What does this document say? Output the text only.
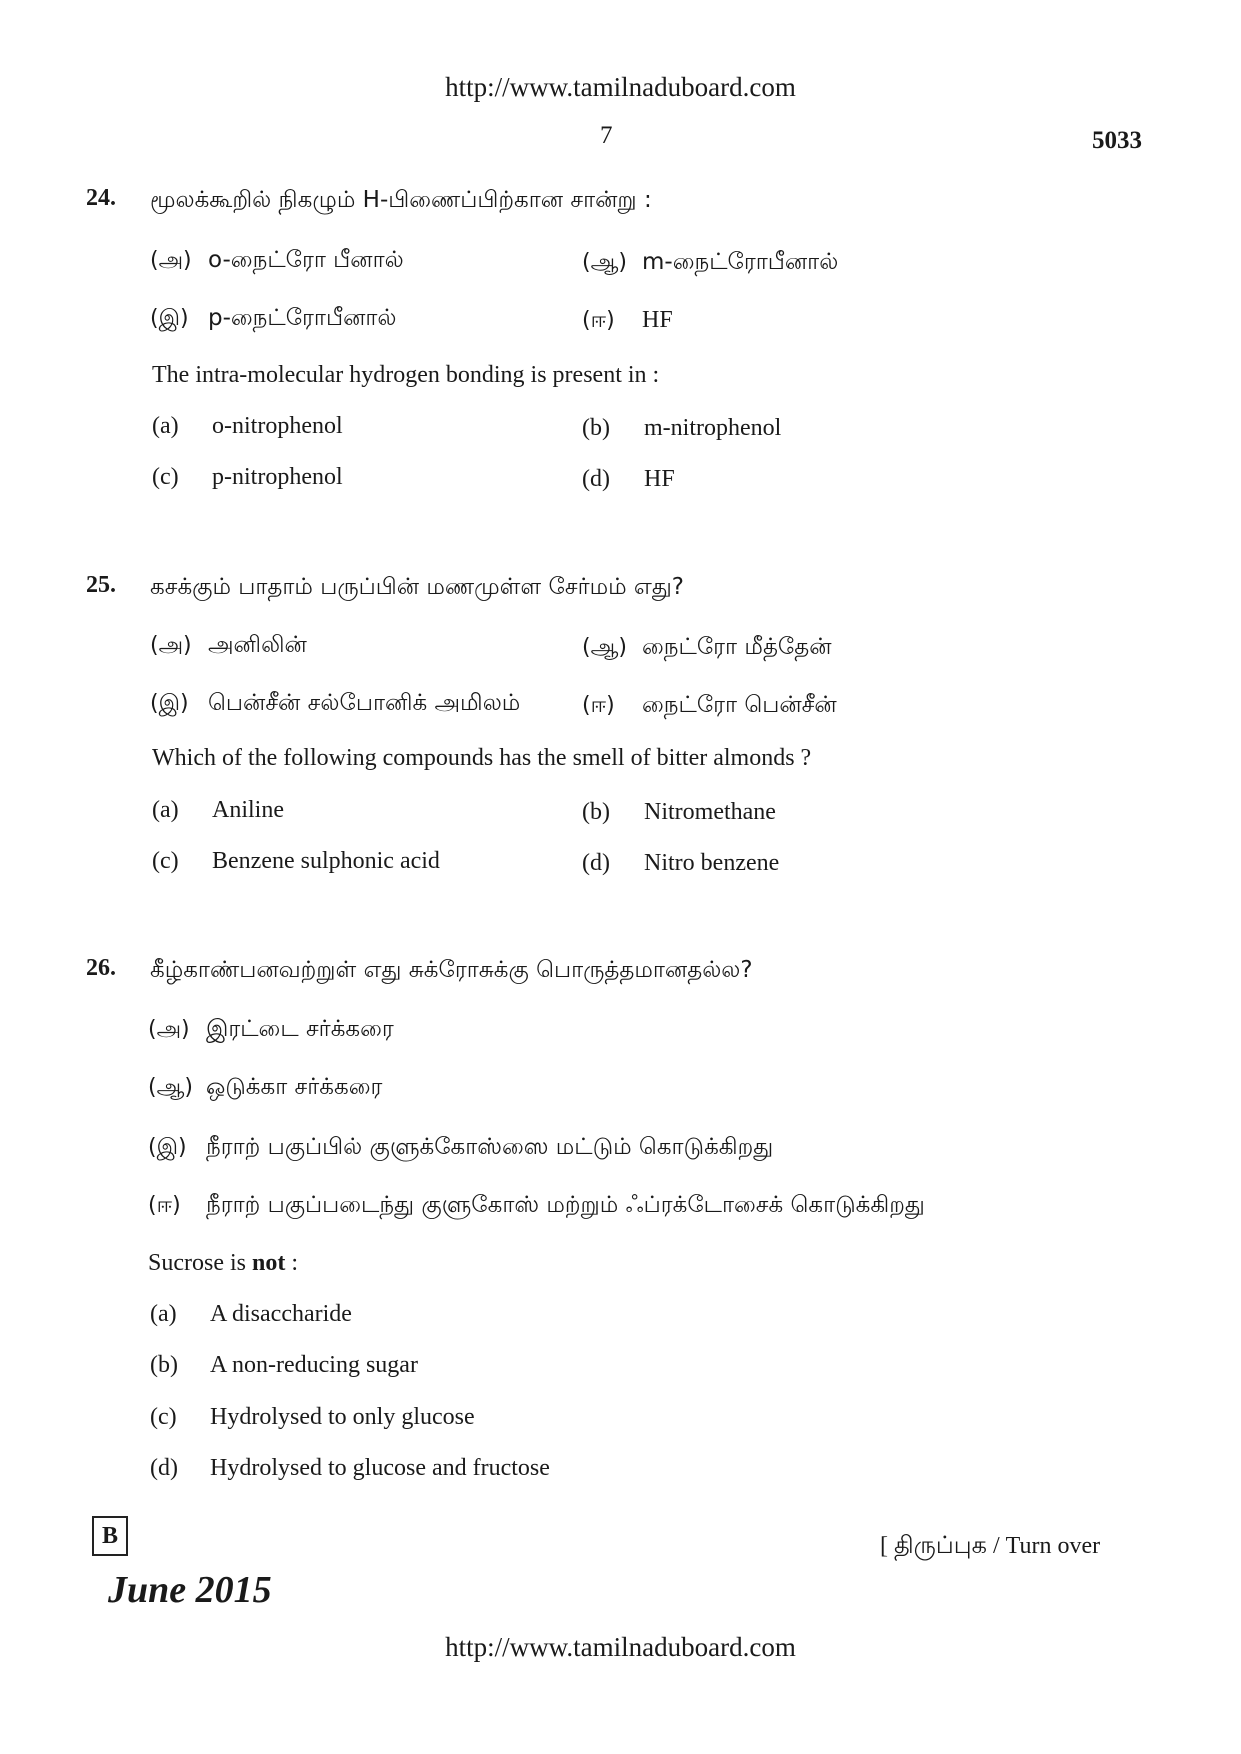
http://www.tamilnaduboard.com
7	5033
24. மூலக்கூறில் நிகழும் H-பிணைப்பிற்கான சான்று :
(அ) o-நைட்ரோ பீனால்	(ஆ) m-நைட்ரோபீனால்
(இ) p-நைட்ரோபீனால்	(ஈ) HF
The intra-molecular hydrogen bonding is present in :
(a) o-nitrophenol	(b) m-nitrophenol
(c) p-nitrophenol	(d) HF
25. கசக்கும் பாதாம் பருப்பின் மணமுள்ள சேர்மம் எது?
(அ) அனிலின்	(ஆ) நைட்ரோ மீத்தேன்
(இ) பென்சீன் சல்போனிக் அமிலம்	(ஈ) நைட்ரோ பென்சீன்
Which of the following compounds has the smell of bitter almonds ?
(a) Aniline	(b) Nitromethane
(c) Benzene sulphonic acid	(d) Nitro benzene
26. கீழ்காண்பனவற்றுள் எது சுக்ரோசுக்கு பொருத்தமானதல்ல?
(அ) இரட்டை சர்க்கரை
(ஆ) ஒடுக்கா சர்க்கரை
(இ) நீராற் பகுப்பில் குளுக்கோஸ்ஸை மட்டும் கொடுக்கிறது
(ஈ) நீராற் பகுப்படைந்து குளுகோஸ் மற்றும் ஃப்ரக்டோசைக் கொடுக்கிறது
Sucrose is not :
(a) A disaccharide
(b) A non-reducing sugar
(c) Hydrolysed to only glucose
(d) Hydrolysed to glucose and fructose
B	[ திருப்புக / Turn over
June 2015
http://www.tamilnaduboard.com
